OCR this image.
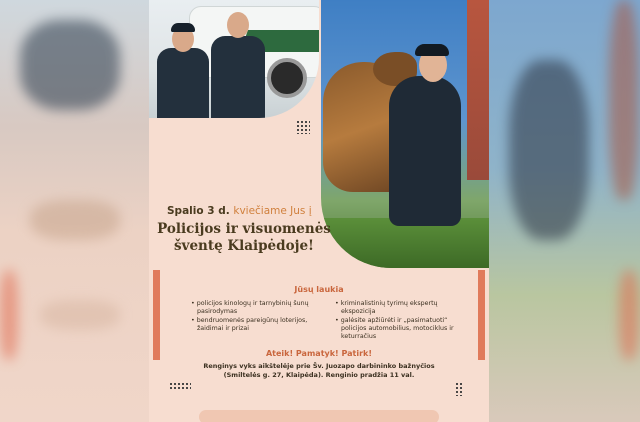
Spalio 3 d. kviečiame Jus į
Policijos ir visuomenės
šventę Klaipėdoje!
Jūsų laukia
• policijos kinologų ir tarnybinių šunų pasirodymas
• bendruomenės pareigūnų loterijos, žaidimai ir prizai
• kriminalistinių tyrimų ekspertų ekspozicija
• galėsite apžiūrėti ir „pasimatuoti“ policijos automobilius, motociklus ir keturračius
Ateik! Pamatyk! Patirk!
Renginys vyks aikštelėje prie Šv. Juozapo darbininko bažnyčios
(Smiltelės g. 27, Klaipėda). Renginio pradžia 11 val.
